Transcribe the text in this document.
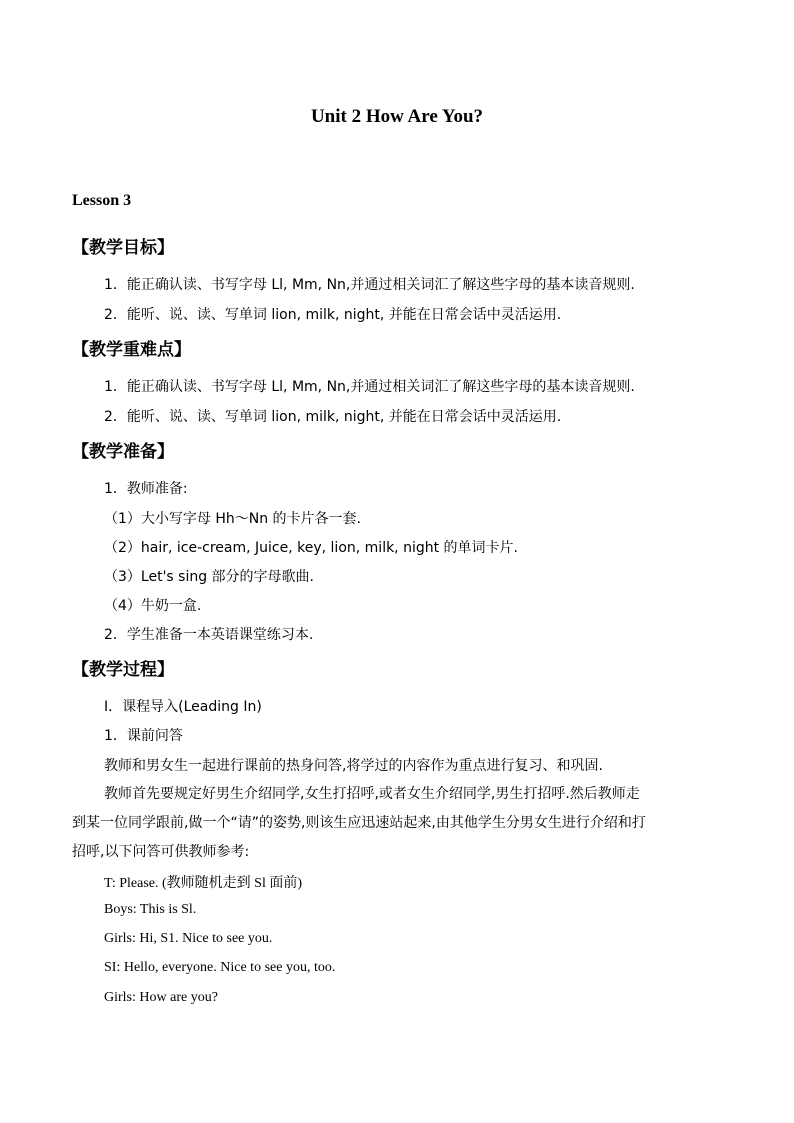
Unit 2 How Are You?
Lesson 3
【教学目标】
1．能正确认读、书写字母 Ll, Mm, Nn,并通过相关词汇了解这些字母的基本读音规则.
2．能听、说、读、写单词 lion, milk, night, 并能在日常会话中灵活运用.
【教学重难点】
1．能正确认读、书写字母 Ll, Mm, Nn,并通过相关词汇了解这些字母的基本读音规则.
2．能听、说、读、写单词 lion, milk, night, 并能在日常会话中灵活运用.
【教学准备】
1．教师准备:
（1）大小写字母 Hh～Nn 的卡片各一套.
（2）hair, ice-cream, Juice, key, lion, milk, night 的单词卡片.
（3）Let's sing 部分的字母歌曲.
（4）牛奶一盒.
2．学生准备一本英语课堂练习本.
【教学过程】
Ⅰ．课程导入(Leading In)
1．课前问答
教师和男女生一起进行课前的热身问答,将学过的内容作为重点进行复习、和巩固.
教师首先要规定好男生介绍同学,女生打招呼,或者女生介绍同学,男生打招呼.然后教师走
到某一位同学跟前,做一个“请”的姿势,则该生应迅速站起来,由其他学生分男女生进行介绍和打
招呼,以下问答可供教师参考:
T: Please. (教师随机走到 Sl 面前)
Boys: This is Sl.
Girls: Hi, S1. Nice to see you.
SI: Hello, everyone. Nice to see you, too.
Girls: How are you?
